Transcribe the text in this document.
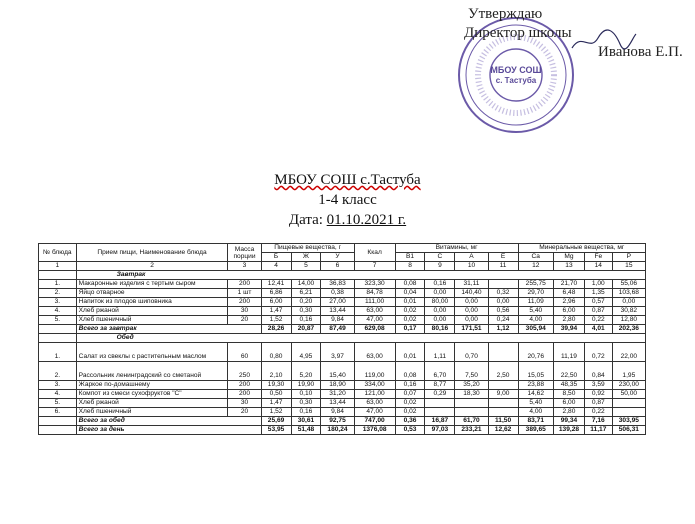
МБОУ СОШ
с. Тастуба
Утверждаю
Директор школы
Иванова Е.П.
МБОУ СОШ с.Тастуба
1-4 класс
Дата: 01.10.2021 г.
№ блюда	Прием пищи, Наименование блюда	Масса порции	Пищевые вещества, г			Ккал	Витамины, мг				Минеральные вещества, мг			
			Б	Ж	У		В1	С	А	Е	Ca	Mg	Fe	P
1	2	3	4	5	6	7	8	9	10	11	12	13	14	15
	Завтрак													
1.	Макаронные изделия с тертым сыром	200	12,41	14,00	36,83	323,30	0,08	0,16	31,11		255,75	21,70	1,00	55,06
2.	Яйцо отварное	1 шт	6,86	6,21	0,38	84,78	0,04	0,00	140,40	0,32	29,70	6,48	1,35	103,68
3.	Напиток из плодов шиповника	200	6,00	0,20	27,00	111,00	0,01	80,00	0,00	0,00	11,09	2,96	0,57	0,00
4.	Хлеб ржаной	30	1,47	0,30	13,44	63,00	0,02	0,00	0,00	0,56	5,40	6,00	0,87	30,82
5.	Хлеб пшеничный	20	1,52	0,16	9,84	47,00	0,02	0,00	0,00	0,24	4,00	2,80	0,22	12,80
	Всего за завтрак		28,26	20,87	87,49	629,08	0,17	80,16	171,51	1,12	305,94	39,94	4,01	202,36
	Обед													
1.	Салат из свеклы с растительным маслом	60	0,80	4,95	3,97	63,00	0,01	1,11	0,70		20,76	11,19	0,72	22,00
2.	Рассольник ленинградский со сметаной	250	2,10	5,20	15,40	119,00	0,08	6,70	7,50	2,50	15,05	22,50	0,84	1,95
3.	Жаркое по-домашнему	200	19,30	19,90	18,90	334,00	0,16	8,77	35,20		23,88	48,35	3,59	230,00
4.	Компот из смеси сухофруктов "С"	200	0,50	0,10	31,20	121,00	0,07	0,29	18,30	9,00	14,62	8,50	0,92	50,00
5.	Хлеб ржаной	30	1,47	0,30	13,44	63,00	0,02				5,40	6,00	0,87	
6.	Хлеб пшеничный	20	1,52	0,16	9,84	47,00	0,02				4,00	2,80	0,22	
	Всего за обед		25,69	30,61	92,75	747,00	0,36	16,87	61,70	11,50	83,71	99,34	7,16	303,95
	Всего за день		53,95	51,48	180,24	1376,08	0,53	97,03	233,21	12,62	389,65	139,28	11,17	506,31
